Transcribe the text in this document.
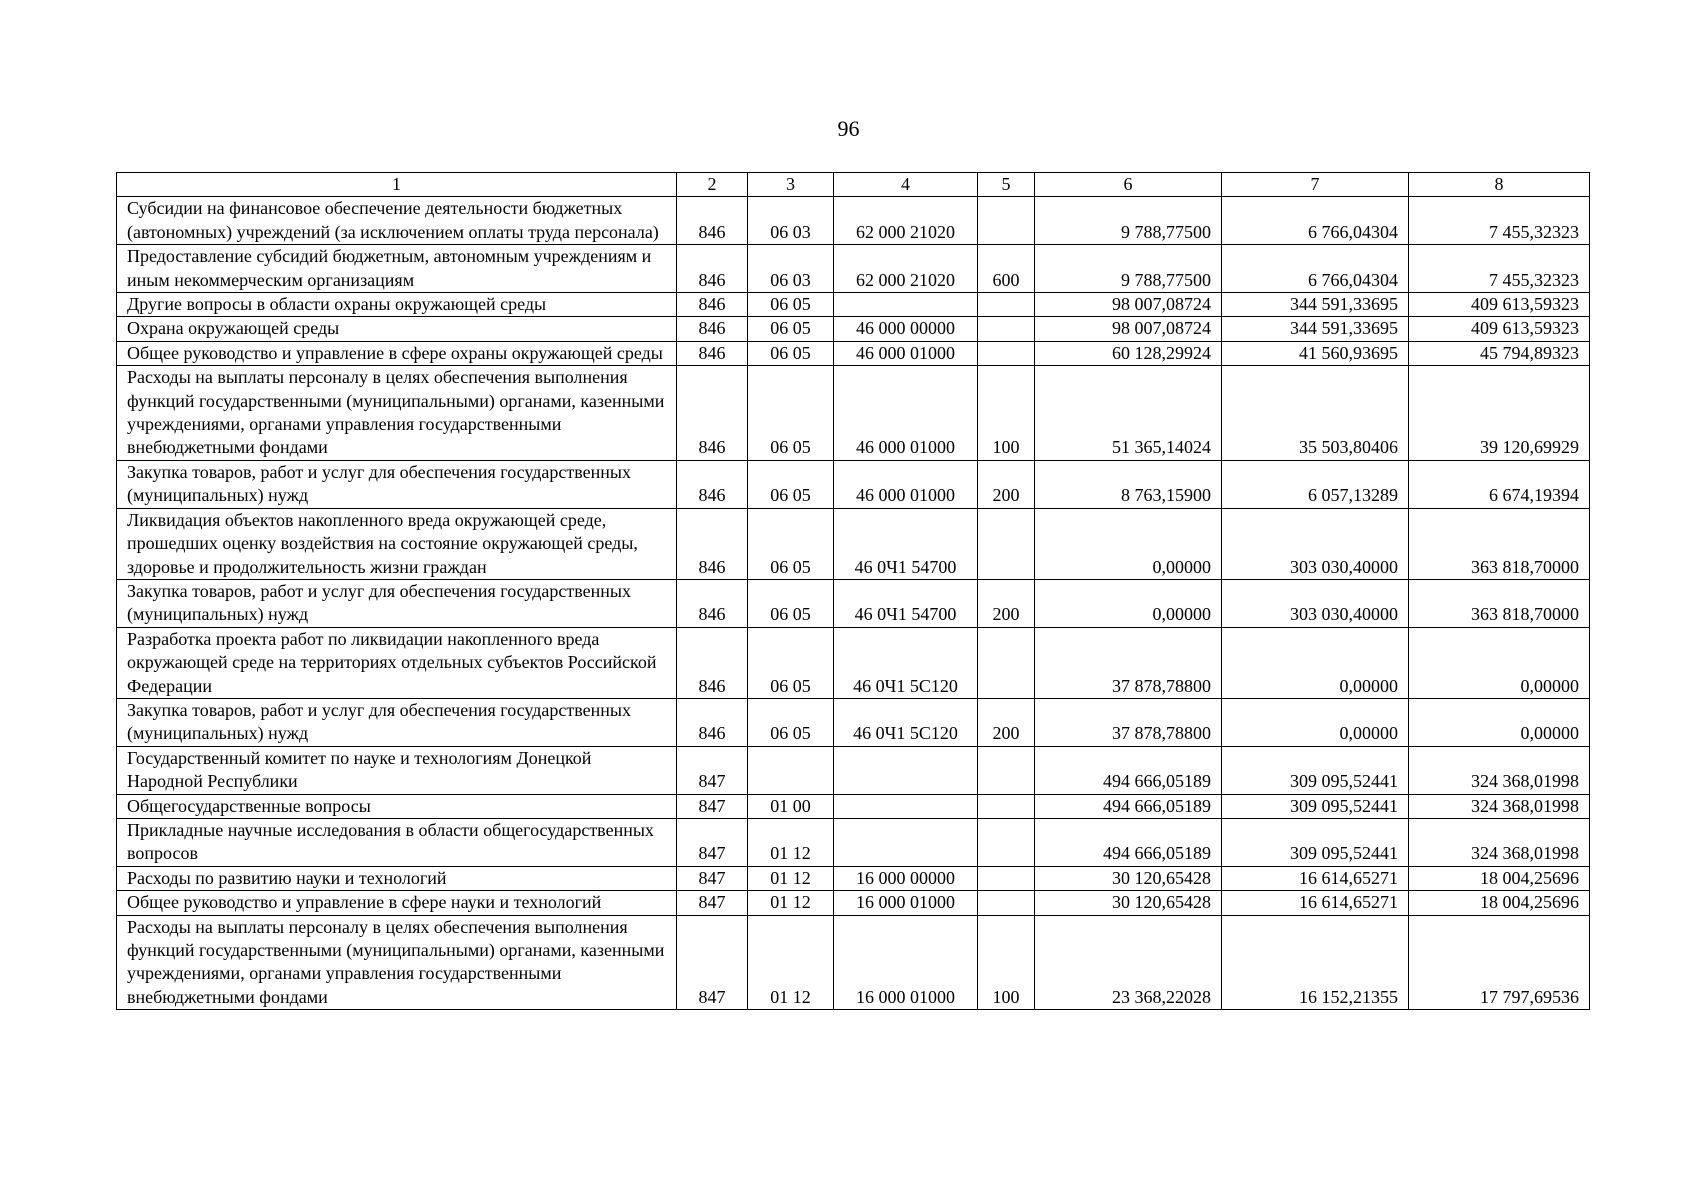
96
1	2	3	4	5	6	7	8
Субсидии на финансовое обеспечение деятельности бюджетных (автономных) учреждений (за исключением оплаты труда персонала)	846	06 03	62 000 21020		9 788,77500	6 766,04304	7 455,32323
Предоставление субсидий бюджетным, автономным учреждениям и иным некоммерческим организациям	846	06 03	62 000 21020	600	9 788,77500	6 766,04304	7 455,32323
Другие вопросы в области охраны окружающей среды	846	06 05			98 007,08724	344 591,33695	409 613,59323
Охрана окружающей среды	846	06 05	46 000 00000		98 007,08724	344 591,33695	409 613,59323
Общее руководство и управление в сфере охраны окружающей среды	846	06 05	46 000 01000		60 128,29924	41 560,93695	45 794,89323
Расходы на выплаты персоналу в целях обеспечения выполнения функций государственными (муниципальными) органами, казенными учреждениями, органами управления государственными внебюджетными фондами	846	06 05	46 000 01000	100	51 365,14024	35 503,80406	39 120,69929
Закупка товаров, работ и услуг для обеспечения государственных (муниципальных) нужд	846	06 05	46 000 01000	200	8 763,15900	6 057,13289	6 674,19394
Ликвидация объектов накопленного вреда окружающей среде, прошедших оценку воздействия на состояние окружающей среды, здоровье и продолжительность жизни граждан	846	06 05	46 0Ч1 54700		0,00000	303 030,40000	363 818,70000
Закупка товаров, работ и услуг для обеспечения государственных (муниципальных) нужд	846	06 05	46 0Ч1 54700	200	0,00000	303 030,40000	363 818,70000
Разработка проекта работ по ликвидации накопленного вреда окружающей среде на территориях отдельных субъектов Российской Федерации	846	06 05	46 0Ч1 5С120		37 878,78800	0,00000	0,00000
Закупка товаров, работ и услуг для обеспечения государственных (муниципальных) нужд	846	06 05	46 0Ч1 5С120	200	37 878,78800	0,00000	0,00000
Государственный комитет по науке и технологиям Донецкой Народной Республики	847				494 666,05189	309 095,52441	324 368,01998
Общегосударственные вопросы	847	01 00			494 666,05189	309 095,52441	324 368,01998
Прикладные научные исследования в области общегосударственных вопросов	847	01 12			494 666,05189	309 095,52441	324 368,01998
Расходы по развитию науки и технологий	847	01 12	16 000 00000		30 120,65428	16 614,65271	18 004,25696
Общее руководство и управление в сфере науки и технологий	847	01 12	16 000 01000		30 120,65428	16 614,65271	18 004,25696
Расходы на выплаты персоналу в целях обеспечения выполнения функций государственными (муниципальными) органами, казенными учреждениями, органами управления государственными внебюджетными фондами	847	01 12	16 000 01000	100	23 368,22028	16 152,21355	17 797,69536
